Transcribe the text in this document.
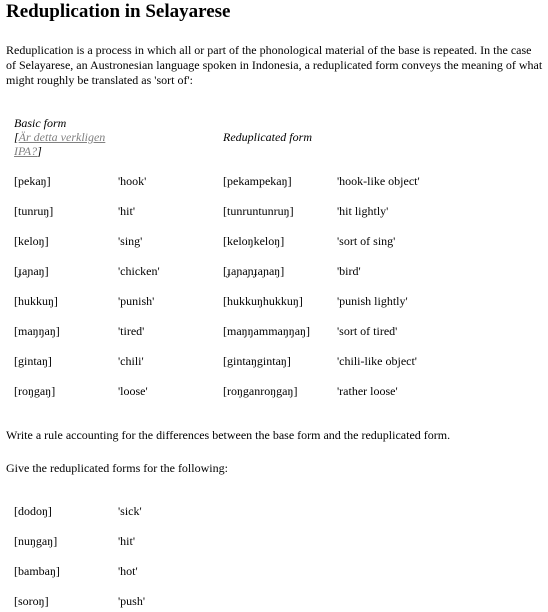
Reduplication in Selayarese

Reduplication is a process in which all or part of the phonological material of the base is repeated. In the case of Selayarese, an Austronesian language spoken in Indonesia, a reduplicated form conveys the meaning of what might roughly be translated as 'sort of':

Basic form
[Är detta verkligen IPA?]
Reduplicated form
[pekaŋ]	'hook'	[pekampekaŋ]	'hook-like object'
[tunruŋ]	'hit'	[tunruntunruŋ]	'hit lightly'
[keloŋ]	'sing'	[keloŋkeloŋ]	'sort of sing'
[ɟaɲaŋ]	'chicken'	[ɟaɲaɲɟaɲaŋ]	'bird'
[hukkuŋ]	'punish'	[hukkuŋhukkuŋ]	'punish lightly'
[maŋŋaŋ]	'tired'	[maŋŋammaŋŋaŋ] 'sort of tired'
[gintaŋ]	'chili'	[gintaŋgintaŋ]	'chili-like object'
[roŋgaŋ]	'loose'	[roŋganroŋgaŋ]	'rather loose'

Write a rule accounting for the differences between the base form and the reduplicated form.

Give the reduplicated forms for the following:

[dodoŋ]	'sick'
[nuŋgaŋ]	'hit'
[bambaŋ]	'hot'
[soroŋ]	'push'
